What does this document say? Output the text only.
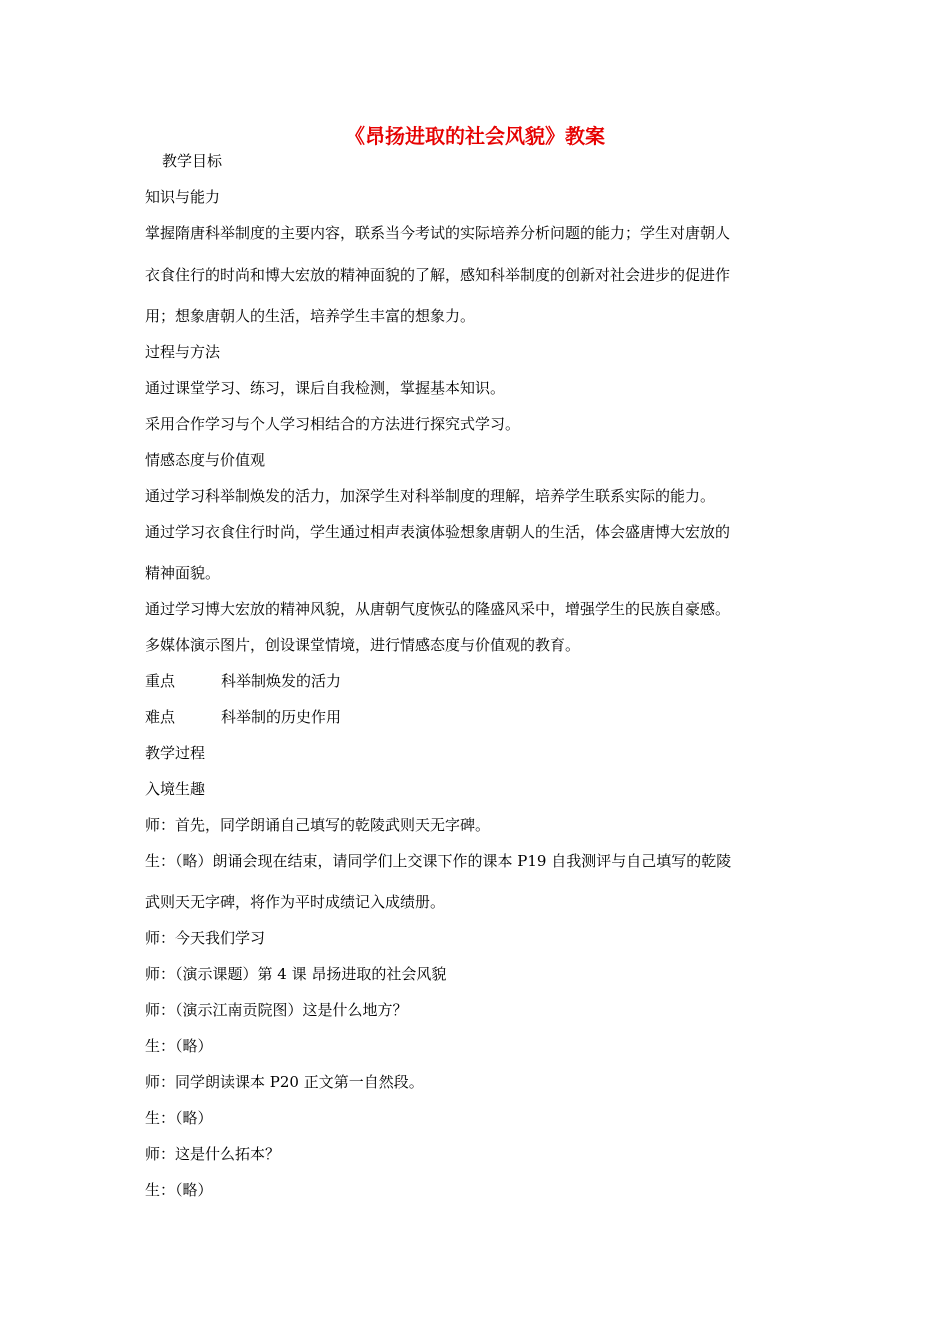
《昂扬进取的社会风貌》教案

教学目标

知识与能力

掌握隋唐科举制度的主要内容，联系当今考试的实际培养分析问题的能力；学生对唐朝人

衣食住行的时尚和博大宏放的精神面貌的了解，感知科举制度的创新对社会进步的促进作

用；想象唐朝人的生活，培养学生丰富的想象力。

过程与方法

通过课堂学习、练习，课后自我检测，掌握基本知识。

采用合作学习与个人学习相结合的方法进行探究式学习。

情感态度与价值观

通过学习科举制焕发的活力，加深学生对科举制度的理解，培养学生联系实际的能力。

通过学习衣食住行时尚，学生通过相声表演体验想象唐朝人的生活，体会盛唐博大宏放的

精神面貌。

通过学习博大宏放的精神风貌，从唐朝气度恢弘的隆盛风采中，增强学生的民族自豪感。

多媒体演示图片，创设课堂情境，进行情感态度与价值观的教育。

重点	科举制焕发的活力

难点	科举制的历史作用

教学过程

入境生趣

师：首先，同学朗诵自己填写的乾陵武则天无字碑。

生：（略）朗诵会现在结束，请同学们上交课下作的课本 P19 自我测评与自己填写的乾陵

武则天无字碑，将作为平时成绩记入成绩册。

师：今天我们学习

师：（演示课题）第 4 课 昂扬进取的社会风貌

师：（演示江南贡院图）这是什么地方？

生：（略）

师：同学朗读课本 P20 正文第一自然段。

生：（略）

师：这是什么拓本？

生：（略）
